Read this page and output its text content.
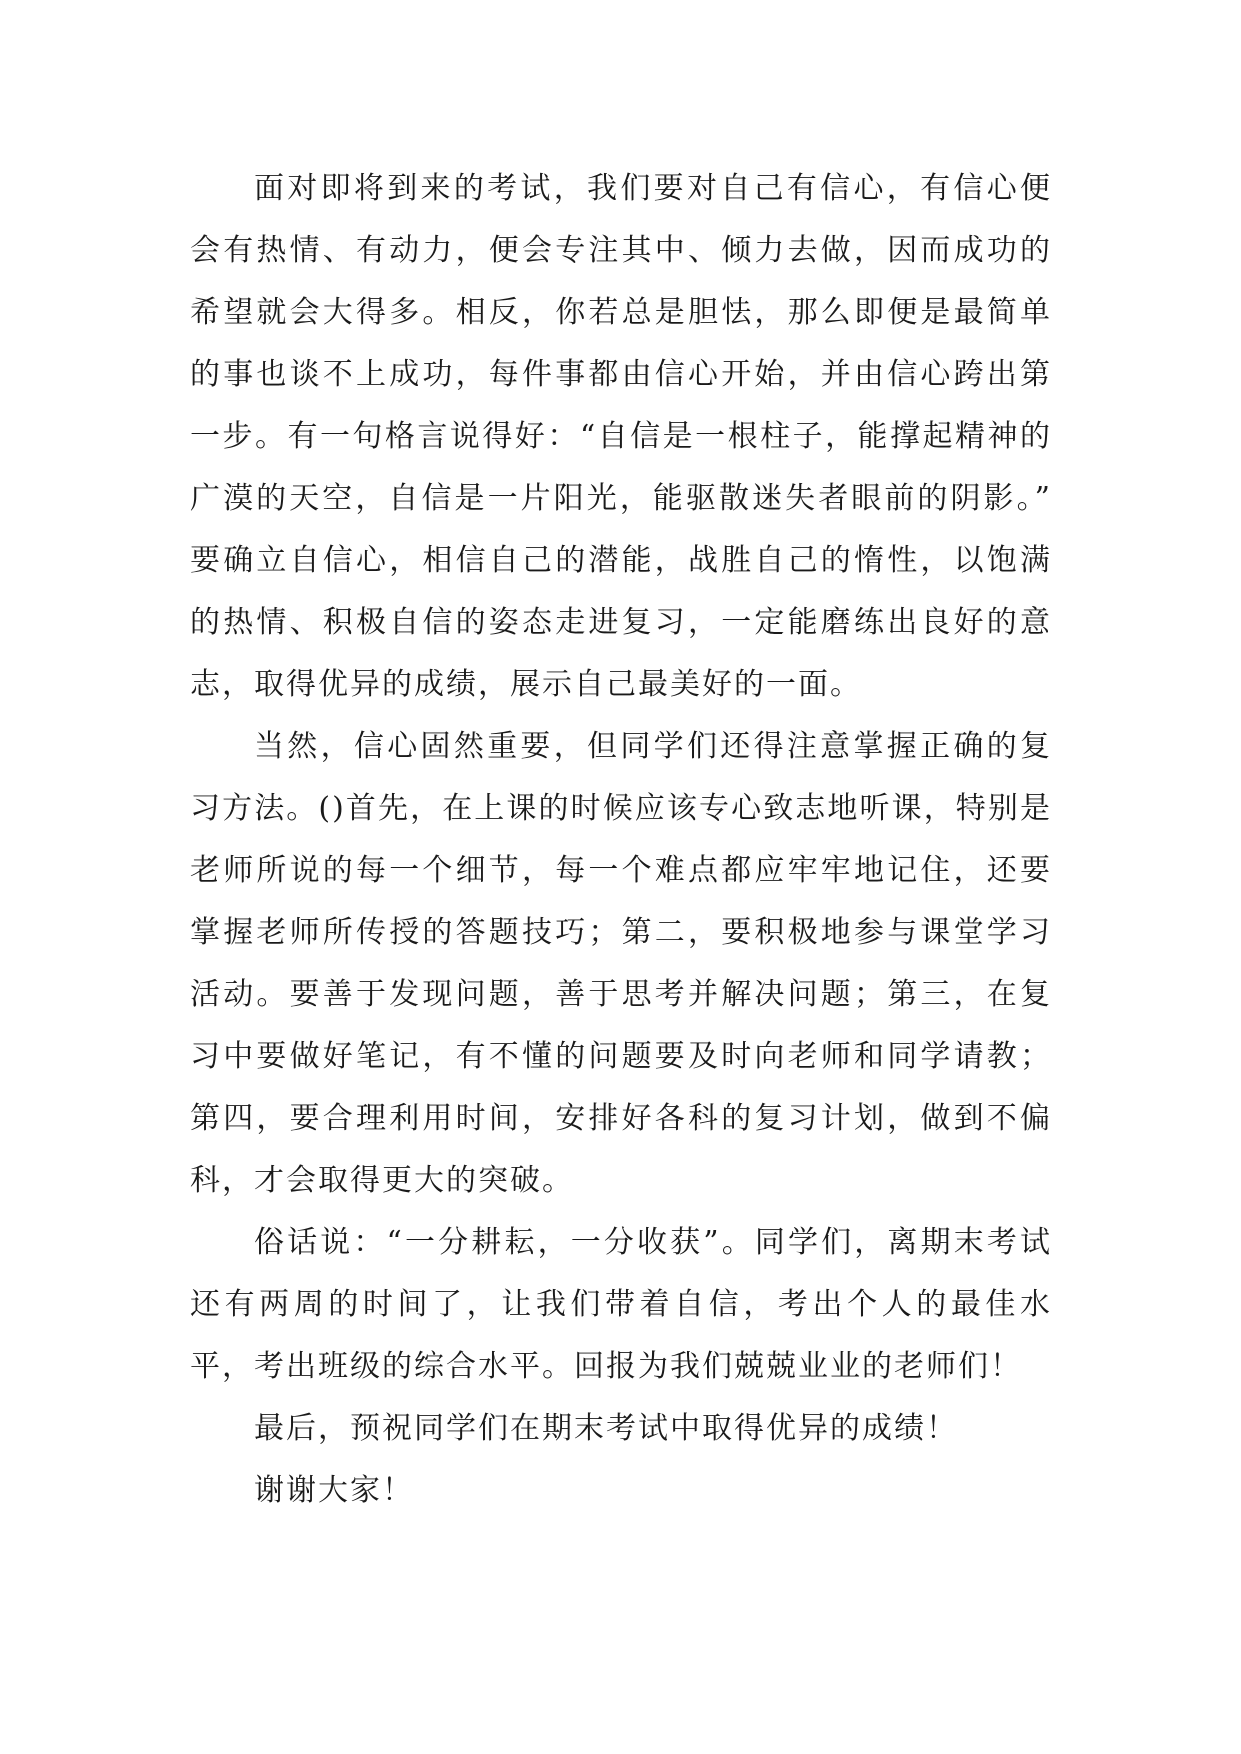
面对即将到来的考试，我们要对自己有信心，有信心便会有热情、有动力，便会专注其中、倾力去做，因而成功的希望就会大得多。相反，你若总是胆怯，那么即便是最简单的事也谈不上成功，每件事都由信心开始，并由信心跨出第一步。有一句格言说得好：“自信是一根柱子，能撑起精神的广漠的天空，自信是一片阳光，能驱散迷失者眼前的阴影。” 要确立自信心，相信自己的潜能，战胜自己的惰性，以饱满的热情、积极自信的姿态走进复习，一定能磨练出良好的意志，取得优异的成绩，展示自己最美好的一面。

当然，信心固然重要，但同学们还得注意掌握正确的复习方法。()首先，在上课的时候应该专心致志地听课，特别是老师所说的每一个细节，每一个难点都应牢牢地记住，还要掌握老师所传授的答题技巧；第二，要积极地参与课堂学习活动。要善于发现问题，善于思考并解决问题；第三，在复习中要做好笔记，有不懂的问题要及时向老师和同学请教；第四，要合理利用时间，安排好各科的复习计划，做到不偏科，才会取得更大的突破。

俗话说：“一分耕耘，一分收获”。同学们，离期末考试还有两周的时间了，让我们带着自信，考出个人的最佳水平，考出班级的综合水平。回报为我们兢兢业业的老师们！

最后，预祝同学们在期末考试中取得优异的成绩！

谢谢大家！
